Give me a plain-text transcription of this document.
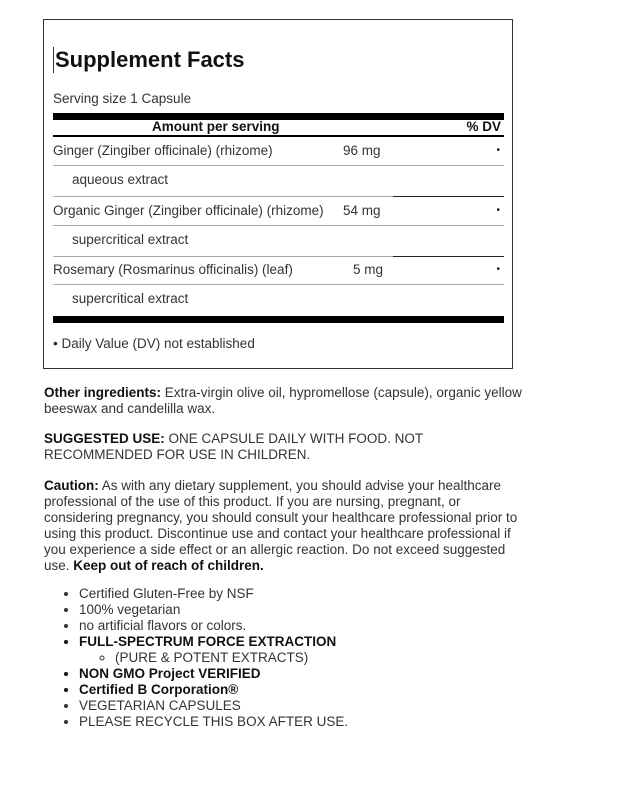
Supplement Facts
Serving size 1 Capsule
Amount per serving	% DV
Ginger (Zingiber officinale) (rhizome)	96 mg	•
aqueous extract
Organic Ginger (Zingiber officinale) (rhizome) 54 mg	•
supercritical extract
Rosemary (Rosmarinus officinalis) (leaf)	5 mg	•
supercritical extract
• Daily Value (DV) not established
Other ingredients: Extra-virgin olive oil, hypromellose (capsule), organic yellow beeswax and candelilla wax.
SUGGESTED USE: ONE CAPSULE DAILY WITH FOOD. NOT RECOMMENDED FOR USE IN CHILDREN.
Caution: As with any dietary supplement, you should advise your healthcare professional of the use of this product. If you are nursing, pregnant, or considering pregnancy, you should consult your healthcare professional prior to using this product. Discontinue use and contact your healthcare professional if you experience a side effect or an allergic reaction. Do not exceed suggested use. Keep out of reach of children.
• Certified Gluten-Free by NSF
• 100% vegetarian
• no artificial flavors or colors.
• FULL-SPECTRUM FORCE EXTRACTION
◦ (PURE & POTENT EXTRACTS)
• NON GMO Project VERIFIED
• Certified B Corporation®
• VEGETARIAN CAPSULES
• PLEASE RECYCLE THIS BOX AFTER USE.
